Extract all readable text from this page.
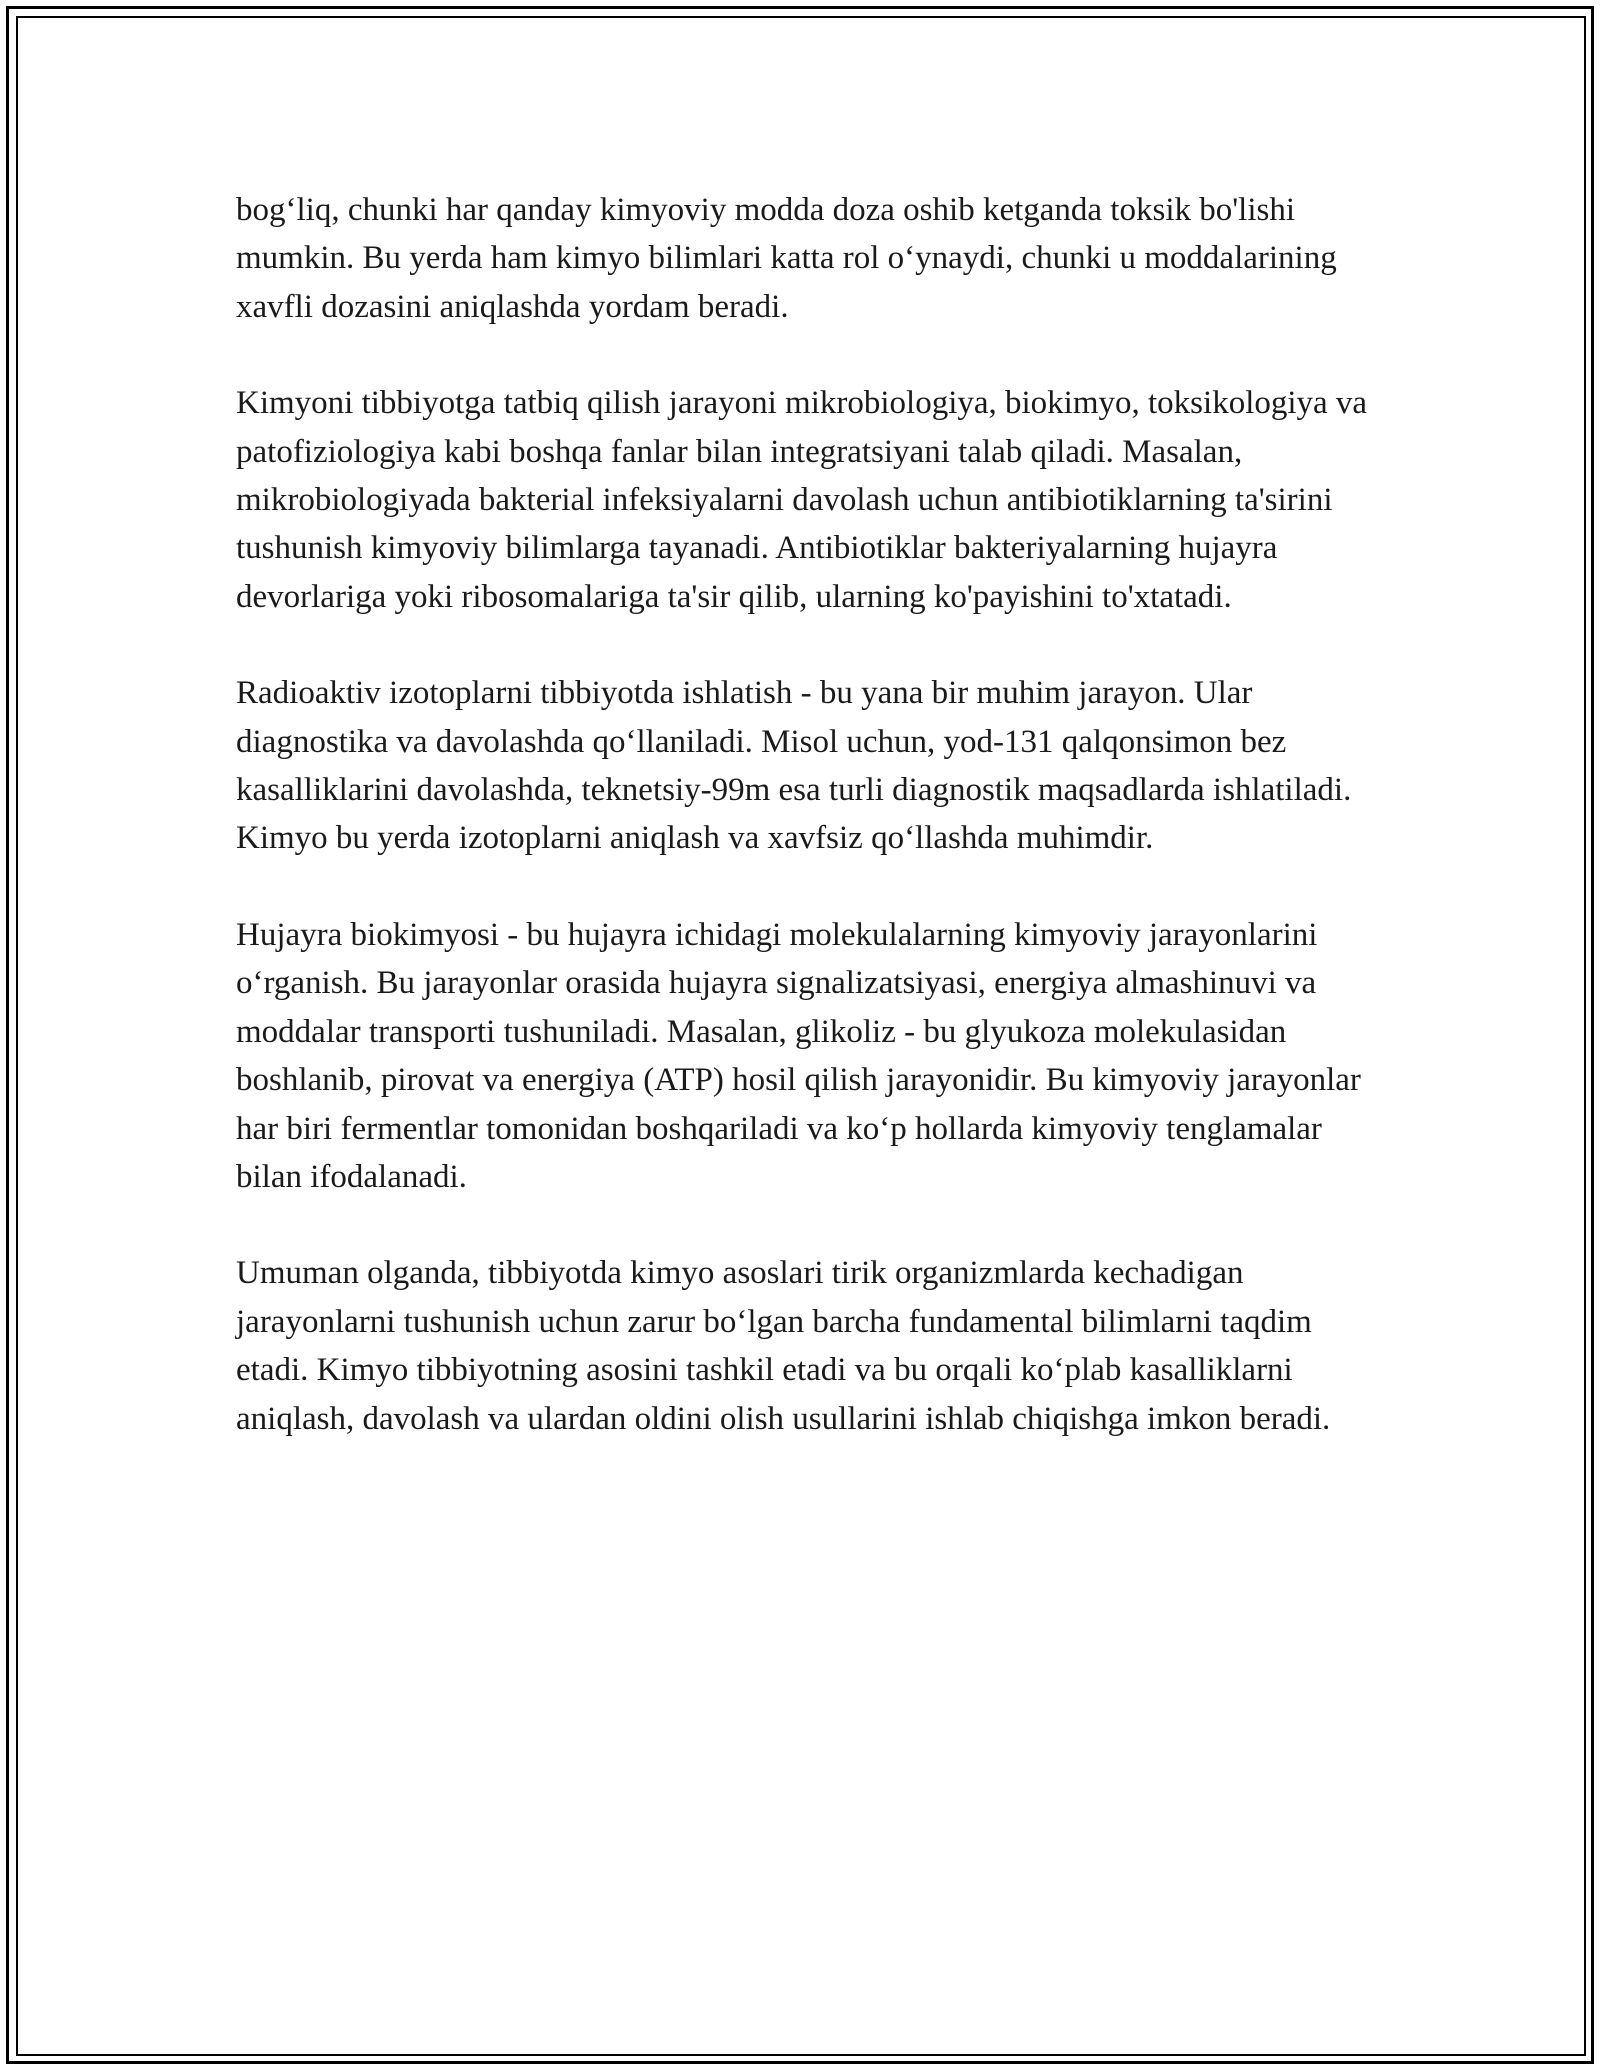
bog‘liq, chunki har qanday kimyoviy modda doza oshib ketganda toksik bo'lishi mumkin. Bu yerda ham kimyo bilimlari katta rol o‘ynaydi, chunki u moddalarining xavfli dozasini aniqlashda yordam beradi.

Kimyoni tibbiyotga tatbiq qilish jarayoni mikrobiologiya, biokimyo, toksikologiya va patofiziologiya kabi boshqa fanlar bilan integratsiyani talab qiladi. Masalan, mikrobiologiyada bakterial infeksiyalarni davolash uchun antibiotiklarning ta'sirini tushunish kimyoviy bilimlarga tayanadi. Antibiotiklar bakteriyalarning hujayra devorlariga yoki ribosomalariga ta'sir qilib, ularning ko'payishini to'xtatadi.

Radioaktiv izotoplarni tibbiyotda ishlatish - bu yana bir muhim jarayon. Ular diagnostika va davolashda qo‘llaniladi. Misol uchun, yod-131 qalqonsimon bez kasalliklarini davolashda, teknetsiy-99m esa turli diagnostik maqsadlarda ishlatiladi. Kimyo bu yerda izotoplarni aniqlash va xavfsiz qo‘llashda muhimdir.

Hujayra biokimyosi - bu hujayra ichidagi molekulalarning kimyoviy jarayonlarini o‘rganish. Bu jarayonlar orasida hujayra signalizatsiyasi, energiya almashinuvi va moddalar transporti tushuniladi. Masalan, glikoliz - bu glyukoza molekulasidan boshlanib, pirovat va energiya (ATP) hosil qilish jarayonidir. Bu kimyoviy jarayonlar har biri fermentlar tomonidan boshqariladi va ko‘p hollarda kimyoviy tenglamalar bilan ifodalanadi.

Umuman olganda, tibbiyotda kimyo asoslari tirik organizmlarda kechadigan jarayonlarni tushunish uchun zarur bo‘lgan barcha fundamental bilimlarni taqdim etadi. Kimyo tibbiyotning asosini tashkil etadi va bu orqali ko‘plab kasalliklarni aniqlash, davolash va ulardan oldini olish usullarini ishlab chiqishga imkon beradi.
